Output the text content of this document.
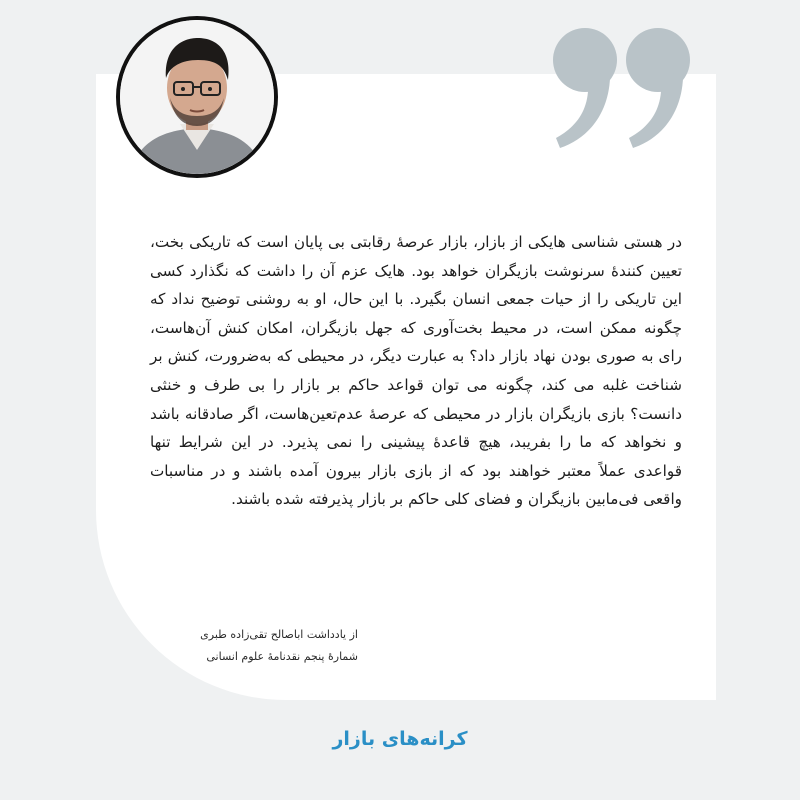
در هستی شناسی هایکی از بازار، بازار عرصهٔ رقابتی بی پایان است که تاریکی بخت، تعیین کنندهٔ سرنوشت بازیگران خواهد بود. هایک عزم آن را داشت که نگذارد کسی این تاریکی را از حیات جمعی انسان بگیرد. با این حال، او به روشنی توضیح نداد که چگونه ممکن است، در محیط بخت‌آوری که جهل بازیگران، امکان کنش آن‌هاست، رای به صوری بودن نهاد بازار داد؟ به عبارت دیگر، در محیطی که به‌ضرورت، کنش بر شناخت غلبه می کند، چگونه می توان قواعد حاکم بر بازار را بی طرف و خنثی دانست؟ بازی بازیگران بازار در محیطی که عرصهٔ عدم‌تعین‌هاست، اگر صادقانه باشد و نخواهد که ما را بفریبد، هیچ قاعدهٔ پیشینی را نمی پذیرد. در این شرایط تنها قواعدی عملاً معتبر خواهند بود که از بازی بازار بیرون آمده باشند و در مناسبات واقعی فی‌مابین بازیگران و فضای کلی حاکم بر بازار پذیرفته شده باشند.

از یادداشت اباصالح تقی‌زاده طبری
شمارهٔ پنجم نقدنامهٔ علوم انسانی
کرانه‌های بازار
